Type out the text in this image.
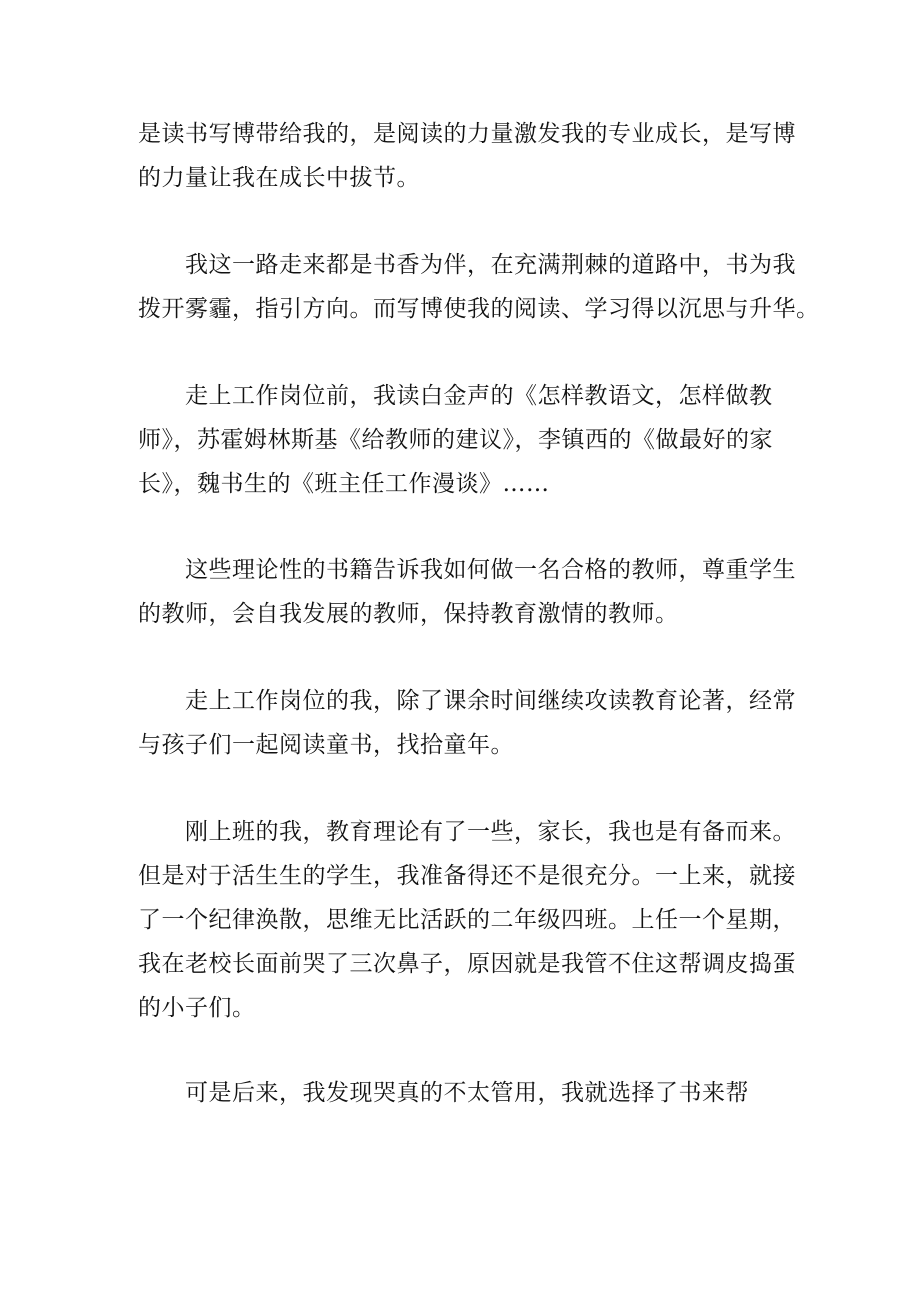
是读书写博带给我的，是阅读的力量激发我的专业成长，是写博
的力量让我在成长中拔节。
我这一路走来都是书香为伴，在充满荆棘的道路中，书为我
拨开雾霾，指引方向。而写博使我的阅读、学习得以沉思与升华。
走上工作岗位前，我读白金声的《怎样教语文，怎样做教
师》，苏霍姆林斯基《给教师的建议》，李镇西的《做最好的家
长》，魏书生的《班主任工作漫谈》……
这些理论性的书籍告诉我如何做一名合格的教师，尊重学生
的教师，会自我发展的教师，保持教育激情的教师。
走上工作岗位的我，除了课余时间继续攻读教育论著，经常
与孩子们一起阅读童书，找拾童年。
刚上班的我，教育理论有了一些，家长，我也是有备而来。
但是对于活生生的学生，我准备得还不是很充分。一上来，就接
了一个纪律涣散，思维无比活跃的二年级四班。上任一个星期，
我在老校长面前哭了三次鼻子，原因就是我管不住这帮调皮捣蛋
的小子们。
可是后来，我发现哭真的不太管用，我就选择了书来帮
